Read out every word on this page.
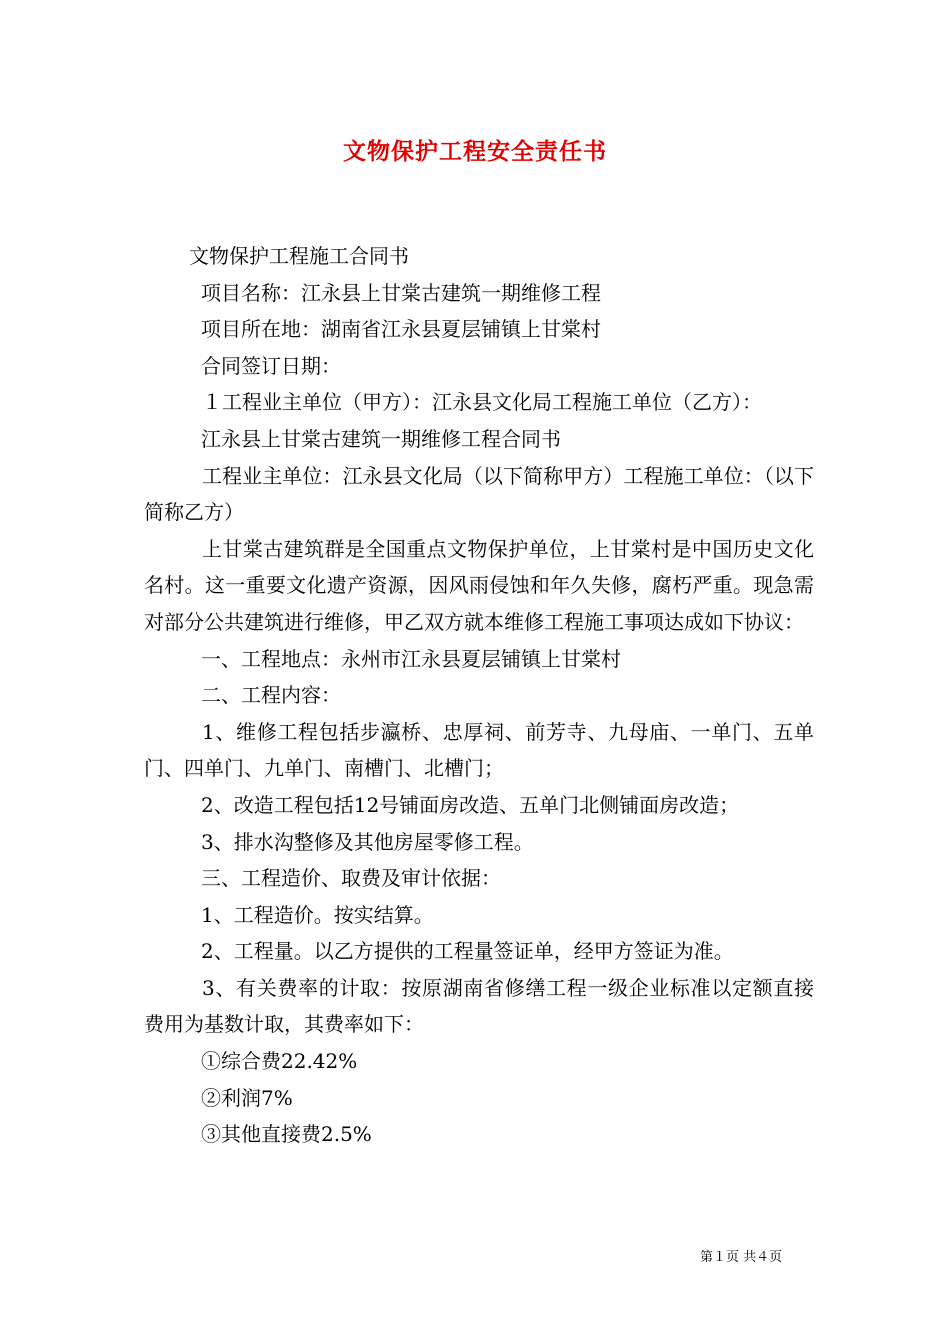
文物保护工程安全责任书

文物保护工程施工合同书

项目名称：江永县上甘棠古建筑一期维修工程

项目所在地：湖南省江永县夏层铺镇上甘棠村

合同签订日期：

１工程业主单位（甲方）：江永县文化局工程施工单位（乙方）：

江永县上甘棠古建筑一期维修工程合同书

工程业主单位：江永县文化局（以下简称甲方）工程施工单位：（以下简称乙方）

上甘棠古建筑群是全国重点文物保护单位，上甘棠村是中国历史文化名村。这一重要文化遗产资源，因风雨侵蚀和年久失修，腐朽严重。现急需对部分公共建筑进行维修，甲乙双方就本维修工程施工事项达成如下协议：

一、工程地点：永州市江永县夏层铺镇上甘棠村

二、工程内容：

1、维修工程包括步瀛桥、忠厚祠、前芳寺、九母庙、一单门、五单门、四单门、九单门、南槽门、北槽门；

2、改造工程包括12号铺面房改造、五单门北侧铺面房改造；

3、排水沟整修及其他房屋零修工程。

三、工程造价、取费及审计依据：

1、工程造价。按实结算。

2、工程量。以乙方提供的工程量签证单，经甲方签证为准。

3、有关费率的计取：按原湖南省修缮工程一级企业标准以定额直接费用为基数计取，其费率如下：

①综合费22.42%

②利润7%

③其他直接费2.5%

第１页 共４页
